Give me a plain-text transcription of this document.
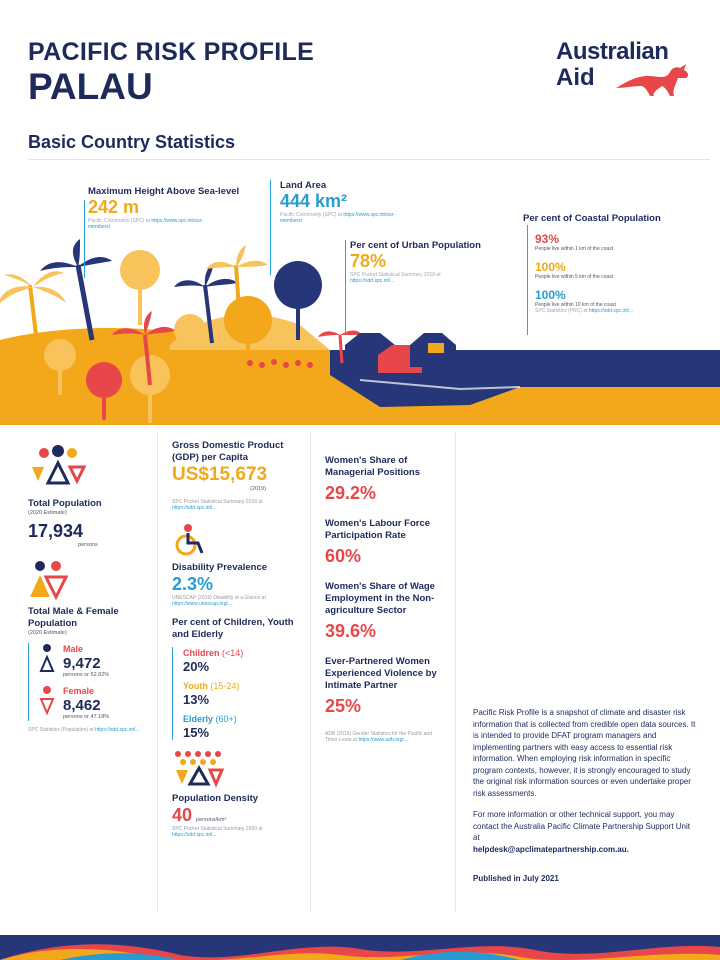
PACIFIC RISK PROFILE
PALAU
Australian
Aid
Basic Country Statistics
Maximum Height Above Sea-level
242 m
Pacific Community (SPC) at https://www.spc.int/our-members/
Land Area
444 km²
Pacific Community (SPC) at https://www.spc.int/our-members/
Per cent of Urban Population
78%
SPC Pocket Statistical Summary 2018 at https://sdd.spc.int/...
Per cent of Coastal Population
93%
People live within 1 km of the coast
100%
People live within 5 km of the coast
100%
People live within 10 km of the coast
SPC Statistics (PRC) at https://sdd.spc.int/...
Total Population
(2020 Estimate)
17,934
persons
Total Male & Female Population
(2020 Estimate)
Male
9,472
persons or 52.82%
Female
8,462
persons or 47.18%
SPC Statistics (Population) at https://sdd.spc.int/...
Gross Domestic Product (GDP) per Capita
US$15,673
(2019)
SPC Pocket Statistical Summary 2018 at https://sdd.spc.int/...
Disability Prevalence
2.3%
UNESCAP (2019) Disability at a Glance at https://www.unescap.org/...
Per cent of Children, Youth and Elderly
Children (<14)
20%
Youth (15-24)
13%
Elderly (60+)
15%
Population Density
40 persons/km²
SPC Pocket Statistical Summary 2020 at https://sdd.spc.int/...
Women's Share of Managerial Positions
29.2%
Women's Labour Force Participation Rate
60%
Women's Share of Wage Employment in the Non-agriculture Sector
39.6%
Ever-Partnered Women Experienced Violence by Intimate Partner
25%
ADB (2016) Gender Statistics for the Pacific and Timor-Leste at https://www.adb.org/...

Pacific Risk Profile is a snapshot of climate and disaster risk information that is collected from credible open data sources. It is intended to provide DFAT program managers and implementing partners with easy access to essential risk information. When employing risk information in specific program contexts, however, it is strongly encouraged to study the original risk information sources or even undertake proper risk assessments.

For more information or other technical support, you may contact the Australia Pacific Climate Partnership Support Unit at

helpdesk@apclimatepartnership.com.au.

Published in July 2021
